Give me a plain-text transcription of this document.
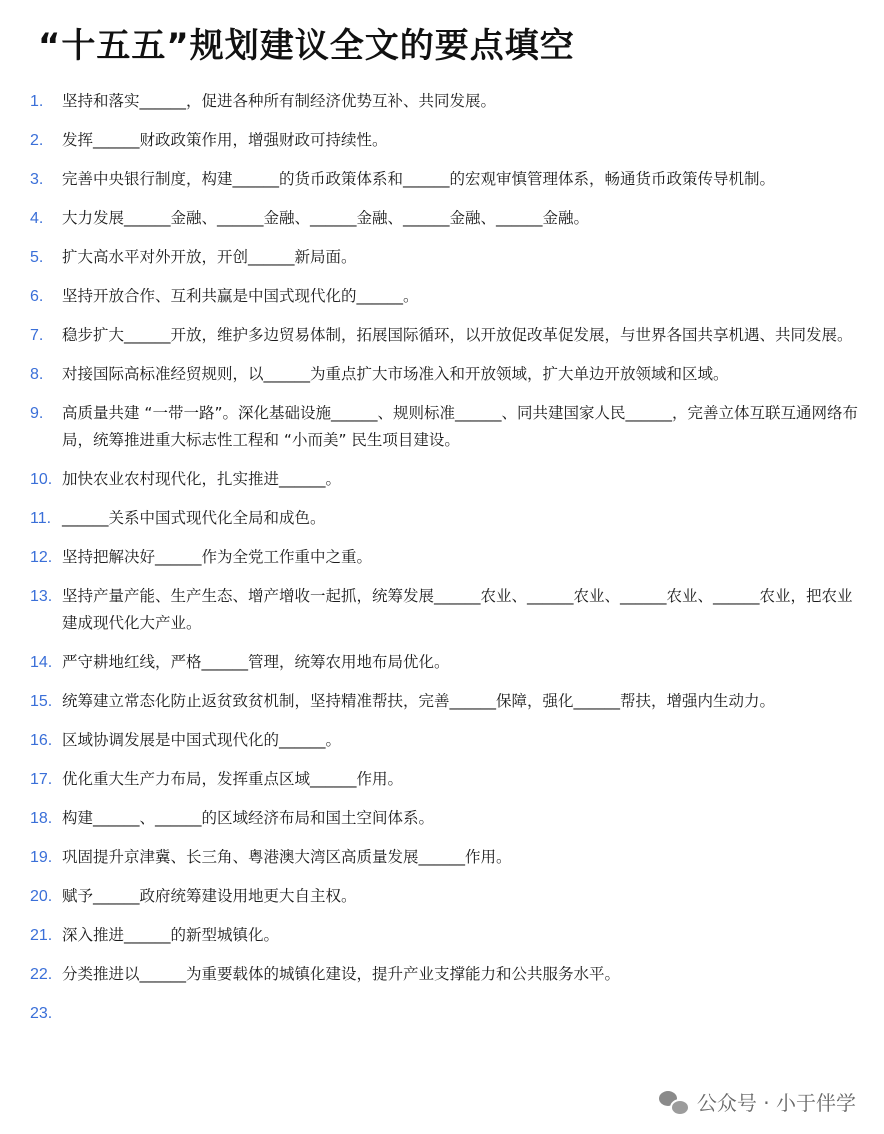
“十五五”规划建议全文的要点填空
1. 坚持和落实______，促进各种所有制经济优势互补、共同发展。
2. 发挥______财政政策作用，增强财政可持续性。
3. 完善中央银行制度，构建______的货币政策体系和______的宏观审慎管理体系，畅通货币政策传导机制。
4. 大力发展______金融、______金融、______金融、______金融、______金融。
5. 扩大高水平对外开放，开创______新局面。
6. 坚持开放合作、互利共赢是中国式现代化的______。
7. 稳步扩大______开放，维护多边贸易体制，拓展国际循环，以开放促改革促发展，与世界各国共享机遇、共同发展。
8. 对接国际高标准经贸规则，以______为重点扩大市场准入和开放领域，扩大单边开放领域和区域。
9. 高质量共建 “一带一路”。深化基础设施______、规则标准______、同共建国家人民______，完善立体互联互通网络布局，统筹推进重大标志性工程和 “小而美” 民生项目建设。
10. 加快农业农村现代化，扎实推进______。
11. ______关系中国式现代化全局和成色。
12. 坚持把解决好______作为全党工作重中之重。
13. 坚持产量产能、生产生态、增产增收一起抓，统筹发展______农业、______农业、______农业、______农业，把农业建成现代化大产业。
14. 严守耕地红线，严格______管理，统筹农用地布局优化。
15. 统筹建立常态化防止返贫致贫机制，坚持精准帮扶，完善______保障，强化______帮扶，增强内生动力。
16. 区域协调发展是中国式现代化的______。
17. 优化重大生产力布局，发挥重点区域______作用。
18. 构建______、______的区域经济布局和国土空间体系。
19. 巩固提升京津冀、长三角、粤港澳大湾区高质量发展______作用。
20. 赋予______政府统筹建设用地更大自主权。
21. 深入推进______的新型城镇化。
22. 分类推进以______为重要载体的城镇化建设，提升产业支撑能力和公共服务水平。
23.
公众号 · 小于伴学
